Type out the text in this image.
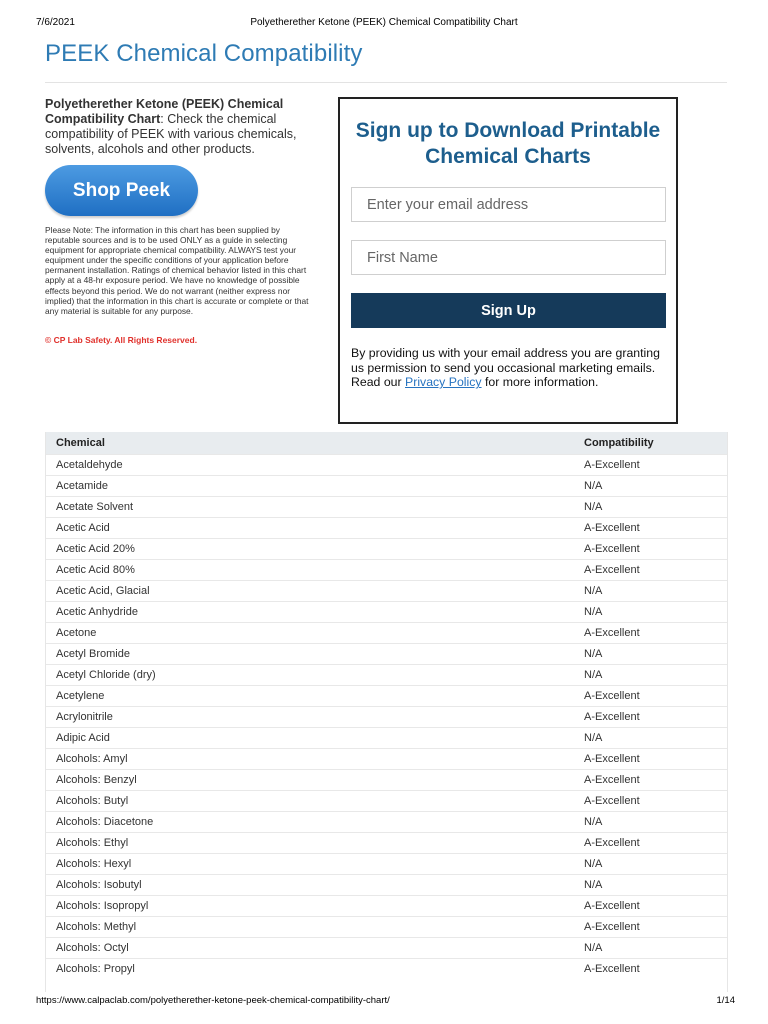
7/6/2021	Polyetherether Ketone (PEEK) Chemical Compatibility Chart
PEEK Chemical Compatibility

Polyetherether Ketone (PEEK) Chemical Compatibility Chart: Check the chemical compatibility of PEEK with various chemicals, solvents, alcohols and other products.

Shop Peek

Please Note: The information in this chart has been supplied by reputable sources and is to be used ONLY as a guide in selecting equipment for appropriate chemical compatibility. ALWAYS test your equipment under the specific conditions of your application before permanent installation. Ratings of chemical behavior listed in this chart apply at a 48-hr exposure period. We have no knowledge of possible effects beyond this period. We do not warrant (neither express nor implied) that the information in this chart is accurate or complete or that any material is suitable for any purpose.

© CP Lab Safety. All Rights Reserved.

Sign up to Download Printable Chemical Charts
Enter your email address
First Name
Sign Up

By providing us with your email address you are granting us permission to send you occasional marketing emails. Read our Privacy Policy for more information.

Chemical	Compatibility
Acetaldehyde	A-Excellent
Acetamide	N/A
Acetate Solvent	N/A
Acetic Acid	A-Excellent
Acetic Acid 20%	A-Excellent
Acetic Acid 80%	A-Excellent
Acetic Acid, Glacial	N/A
Acetic Anhydride	N/A
Acetone	A-Excellent
Acetyl Bromide	N/A
Acetyl Chloride (dry)	N/A
Acetylene	A-Excellent
Acrylonitrile	A-Excellent
Adipic Acid	N/A
Alcohols: Amyl	A-Excellent
Alcohols: Benzyl	A-Excellent
Alcohols: Butyl	A-Excellent
Alcohols: Diacetone	N/A
Alcohols: Ethyl	A-Excellent
Alcohols: Hexyl	N/A
Alcohols: Isobutyl	N/A
Alcohols: Isopropyl	A-Excellent
Alcohols: Methyl	A-Excellent
Alcohols: Octyl	N/A
Alcohols: Propyl	A-Excellent
https://www.calpaclab.com/polyetherether-ketone-peek-chemical-compatibility-chart/	1/14
